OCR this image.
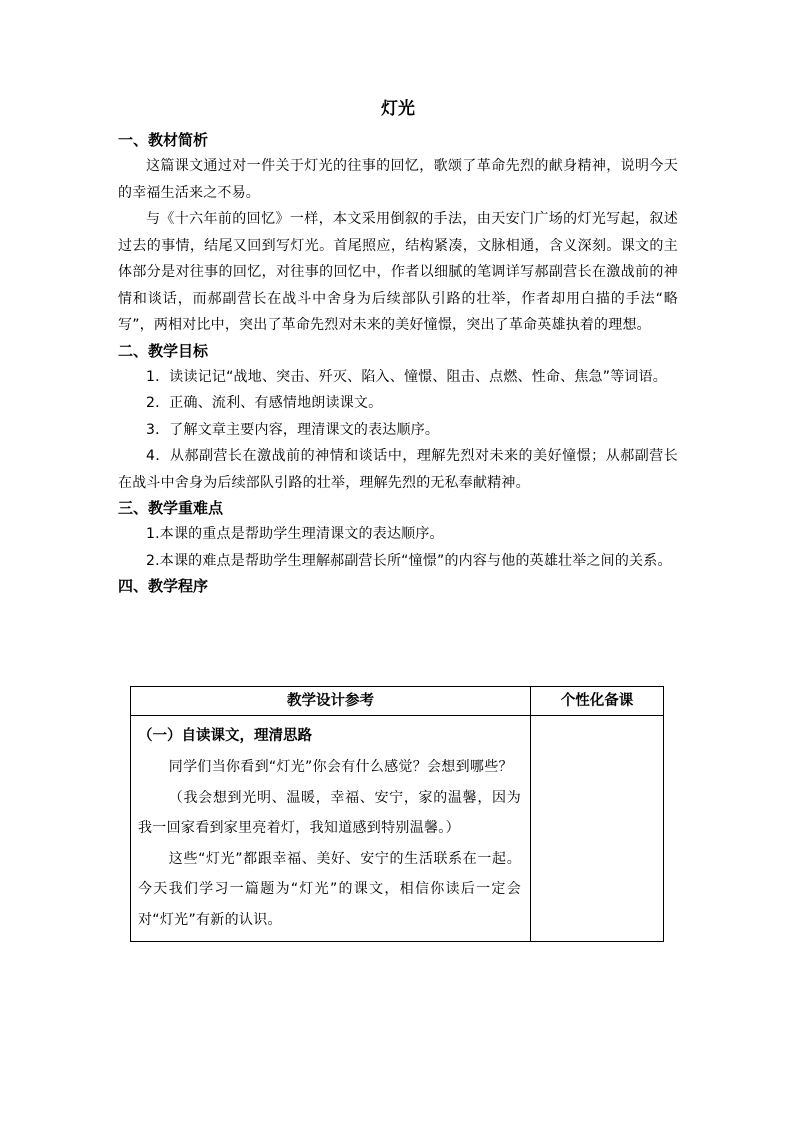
灯光
一、教材简析

这篇课文通过对一件关于灯光的往事的回忆，歌颂了革命先烈的献身精神，说明今天的幸福生活来之不易。

与《十六年前的回忆》一样，本文采用倒叙的手法，由天安门广场的灯光写起，叙述过去的事情，结尾又回到写灯光。首尾照应，结构紧凑，文脉相通，含义深刻。课文的主体部分是对往事的回忆，对往事的回忆中，作者以细腻的笔调详写郝副营长在激战前的神情和谈话，而郝副营长在战斗中舍身为后续部队引路的壮举，作者却用白描的手法“略写”，两相对比中，突出了革命先烈对未来的美好憧憬，突出了革命英雄执着的理想。

二、教学目标

1．读读记记“战地、突击、歼灭、陷入、憧憬、阻击、点燃、性命、焦急”等词语。

2．正确、流利、有感情地朗读课文。

3．了解文章主要内容，理清课文的表达顺序。

4．从郝副营长在激战前的神情和谈话中，理解先烈对未来的美好憧憬；从郝副营长在战斗中舍身为后续部队引路的壮举，理解先烈的无私奉献精神。

三、教学重难点

1.本课的重点是帮助学生理清课文的表达顺序。

2.本课的难点是帮助学生理解郝副营长所“憧憬”的内容与他的英雄壮举之间的关系。

四、教学程序
教学设计参考	个性化备课

（一）自读课文，理清思路

同学们当你看到“灯光”你会有什么感觉？会想到哪些？

（我会想到光明、温暖，幸福、安宁，家的温馨，因为我一回家看到家里亮着灯，我知道感到特别温馨。）

这些“灯光”都跟幸福、美好、安宁的生活联系在一起。今天我们学习一篇题为“灯光”的课文，相信你读后一定会对“灯光”有新的认识。	
